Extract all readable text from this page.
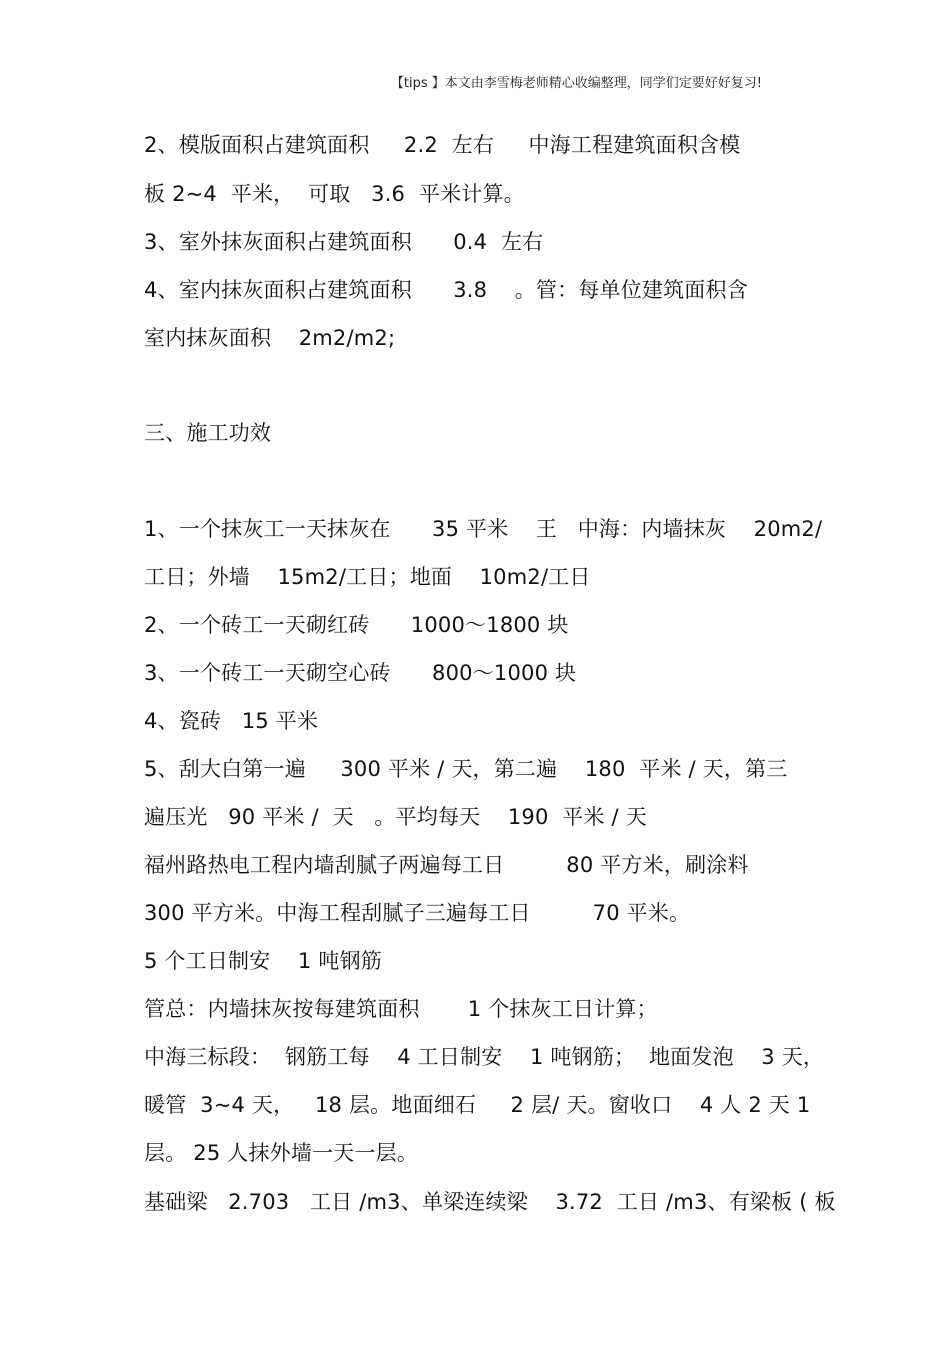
【tips 】本文由李雪梅老师精心收编整理，同学们定要好好复习!
2、模版面积占建筑面积     2.2  左右     中海工程建筑面积含模
板 2~4  平米，  可取   3.6  平米计算。
3、室外抹灰面积占建筑面积      0.4  左右
4、室内抹灰面积占建筑面积      3.8    。管：每单位建筑面积含
室内抹灰面积    2m2/m2;
三、施工功效
1、一个抹灰工一天抹灰在      35 平米    王   中海：内墙抹灰    20m2/
工日；外墙    15m2/工日；地面    10m2/工日
2、一个砖工一天砌红砖      1000～1800 块
3、一个砖工一天砌空心砖      800～1000 块
4、瓷砖   15 平米
5、刮大白第一遍     300 平米 / 天，第二遍    180  平米 / 天，第三
遍压光   90 平米 /  天   。平均每天    190  平米 / 天
福州路热电工程内墙刮腻子两遍每工日         80 平方米，刷涂料
300 平方米。中海工程刮腻子三遍每工日         70 平米。
5 个工日制安    1 吨钢筋
管总：内墙抹灰按每建筑面积       1 个抹灰工日计算；
中海三标段：  钢筋工每    4 工日制安    1 吨钢筋；  地面发泡    3 天，
暖管  3~4 天，   18 层。地面细石     2 层/ 天。窗收口    4 人 2 天 1
层。 25 人抹外墙一天一层。
基础梁   2.703   工日 /m3、单梁连续梁    3.72  工日 /m3、有梁板 ( 板
